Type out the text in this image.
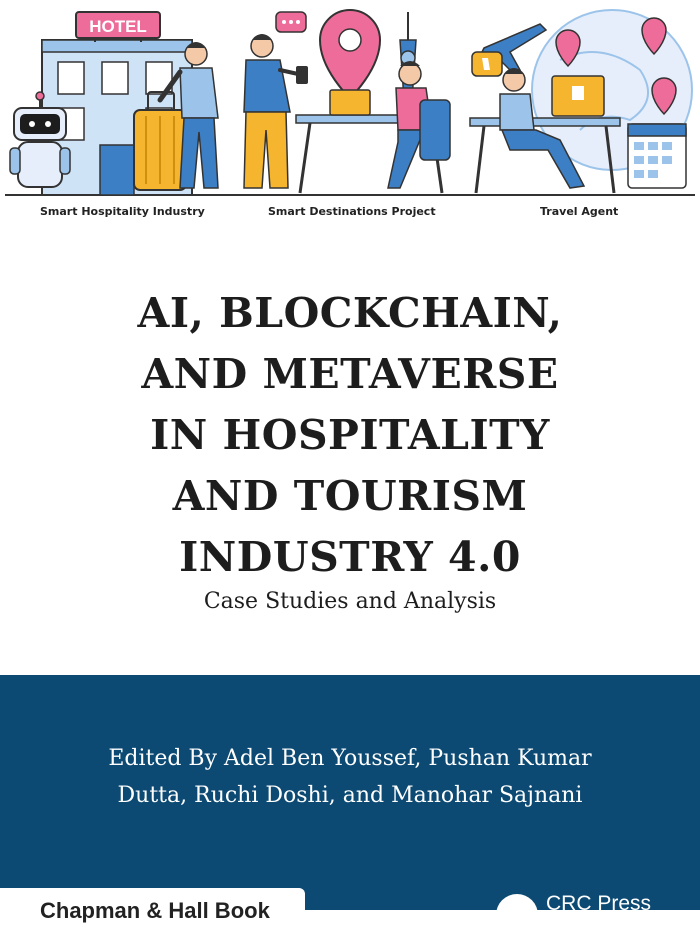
HOTEL
Smart Hospitality Industry	Smart Destinations Project	Travel Agent
AI, BLOCKCHAIN,
AND METAVERSE
IN HOSPITALITY
AND TOURISM
INDUSTRY 4.0
Case Studies and Analysis
Edited By Adel Ben Youssef, Pushan Kumar
Dutta, Ruchi Doshi, and Manohar Sajnani
Chapman & Hall Book	CRC Press
